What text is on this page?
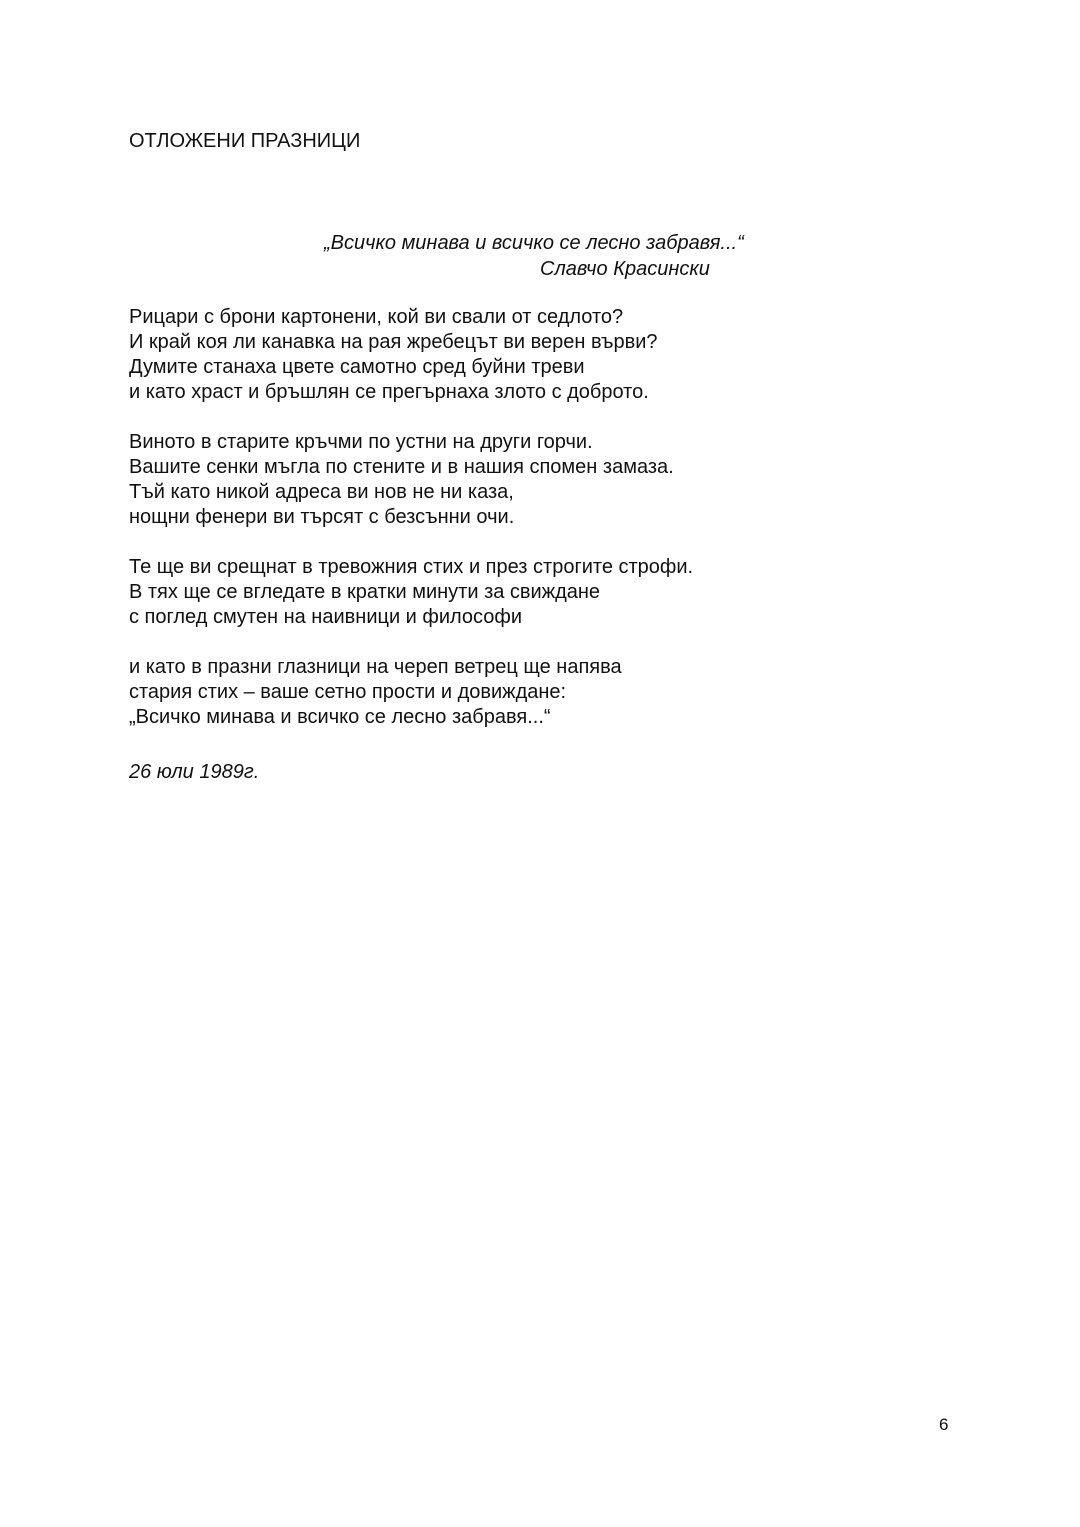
ОТЛОЖЕНИ ПРАЗНИЦИ
„Всичко минава и всичко се лесно забравя...“
Славчо Красински
Рицари с брони картонени, кой ви свали от седлото?
И край коя ли канавка на рая жребецът ви верен върви?
Думите станаха цвете самотно сред буйни треви
и като храст и бръшлян се прегърнаха злото с доброто.
Виното в старите кръчми по устни на други горчи.
Вашите сенки мъгла по стените и в нашия спомен замаза.
Тъй като никой адреса ви нов не ни каза,
нощни фенери ви търсят с безсънни очи.
Те ще ви срещнат в тревожния стих и през строгите строфи.
В тях ще се вгледате в кратки минути за свиждане
с поглед смутен на наивници и философи
и като в празни глазници на череп ветрец ще напява
стария стих – ваше сетно прости и довиждане:
„Всичко минава и всичко се лесно забравя...“
26 юли 1989г.
6
